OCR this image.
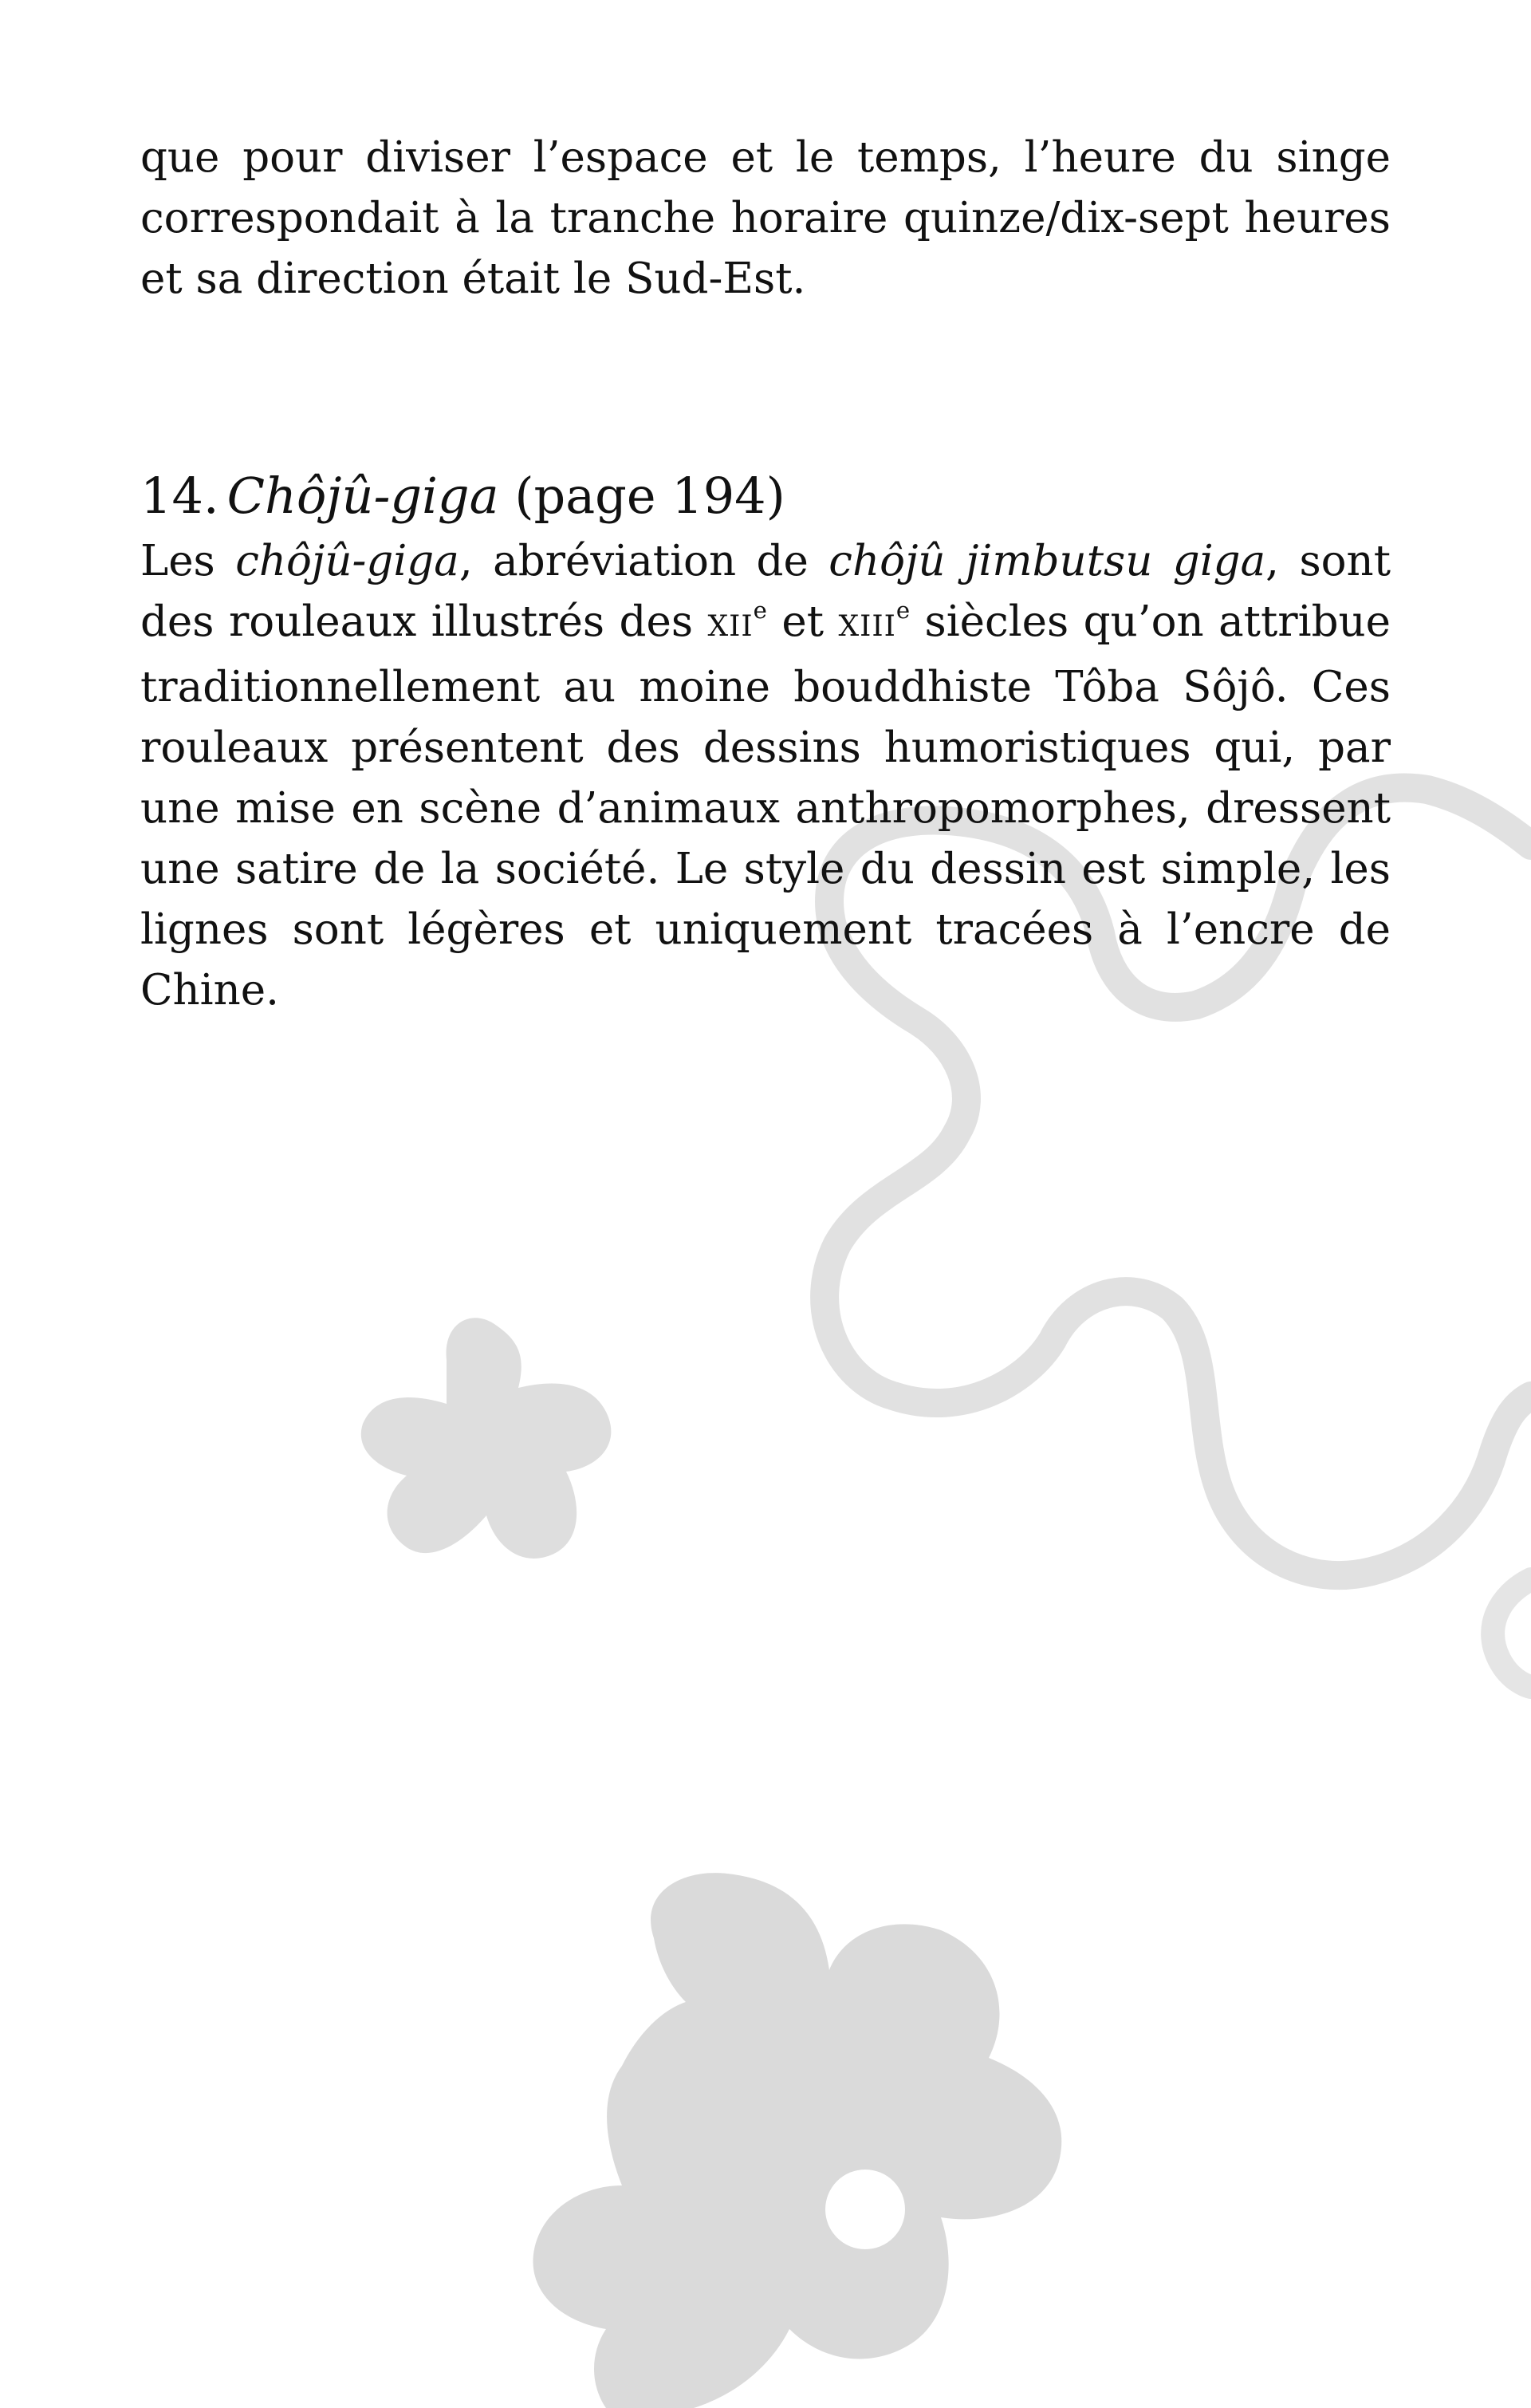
que pour diviser l’espace et le temps, l’heure du singe correspondait à la tranche horaire quinze/dix-sept heures et sa direction était le Sud-Est.

14. Chôjû-giga (page 194)

Les chôjû-giga, abréviation de chôjû jimbutsu giga, sont des rouleaux illustrés des XIIe et XIIIe siècles qu’on attribue traditionnellement au moine bouddhiste Tôba Sôjô. Ces rouleaux présentent des dessins humoristiques qui, par une mise en scène d’animaux anthropomorphes, dressent une satire de la société. Le style du dessin est simple, les lignes sont légères et uniquement tracées à l’encre de Chine.
